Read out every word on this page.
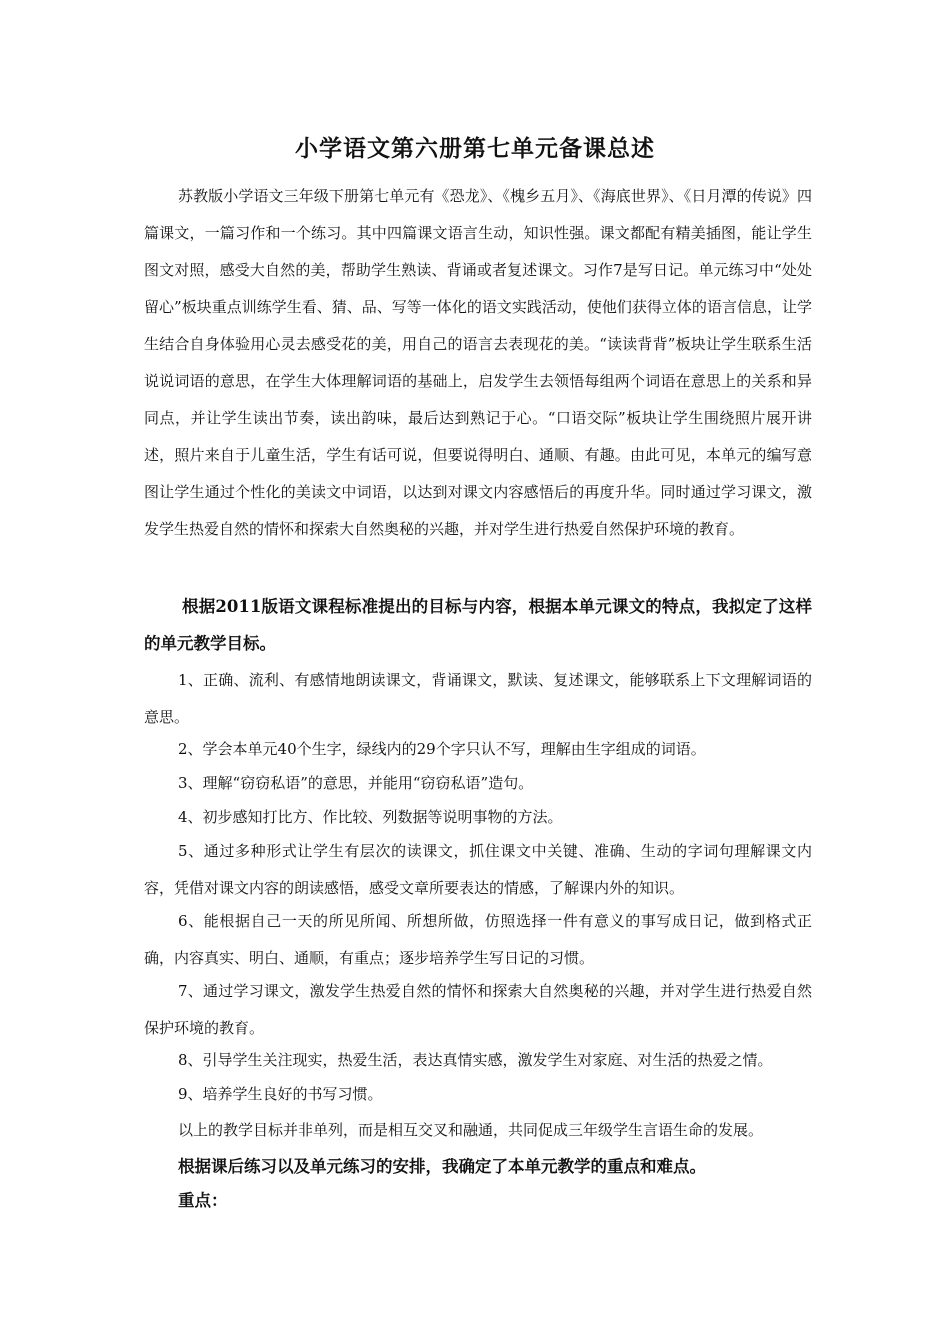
小学语文第六册第七单元备课总述
苏教版小学语文三年级下册第七单元有《恐龙》、《槐乡五月》、《海底世界》、《日月潭的传说》四篇课文，一篇习作和一个练习。其中四篇课文语言生动，知识性强。课文都配有精美插图，能让学生图文对照，感受大自然的美，帮助学生熟读、背诵或者复述课文。习作7是写日记。单元练习中“处处留心”板块重点训练学生看、猜、品、写等一体化的语文实践活动，使他们获得立体的语言信息，让学生结合自身体验用心灵去感受花的美，用自己的语言去表现花的美。“读读背背”板块让学生联系生活说说词语的意思，在学生大体理解词语的基础上，启发学生去领悟每组两个词语在意思上的关系和异同点，并让学生读出节奏，读出韵味，最后达到熟记于心。“口语交际”板块让学生围绕照片展开讲述，照片来自于儿童生活，学生有话可说，但要说得明白、通顺、有趣。由此可见，本单元的编写意图让学生通过个性化的美读文中词语，以达到对课文内容感悟后的再度升华。同时通过学习课文，激发学生热爱自然的情怀和探索大自然奥秘的兴趣，并对学生进行热爱自然保护环境的教育。
根据2011版语文课程标准提出的目标与内容，根据本单元课文的特点，我拟定了这样的单元教学目标。
1、正确、流利、有感情地朗读课文，背诵课文，默读、复述课文，能够联系上下文理解词语的意思。
2、学会本单元40个生字，绿线内的29个字只认不写，理解由生字组成的词语。
3、理解“窃窃私语”的意思，并能用“窃窃私语”造句。
4、初步感知打比方、作比较、列数据等说明事物的方法。
5、通过多种形式让学生有层次的读课文，抓住课文中关键、准确、生动的字词句理解课文内容，凭借对课文内容的朗读感悟，感受文章所要表达的情感，了解课内外的知识。
6、能根据自己一天的所见所闻、所想所做，仿照选择一件有意义的事写成日记，做到格式正确，内容真实、明白、通顺，有重点；逐步培养学生写日记的习惯。
7、通过学习课文，激发学生热爱自然的情怀和探索大自然奥秘的兴趣，并对学生进行热爱自然保护环境的教育。
8、引导学生关注现实，热爱生活，表达真情实感，激发学生对家庭、对生活的热爱之情。
9、培养学生良好的书写习惯。
以上的教学目标并非单列，而是相互交叉和融通，共同促成三年级学生言语生命的发展。
根据课后练习以及单元练习的安排，我确定了本单元教学的重点和难点。
重点：
